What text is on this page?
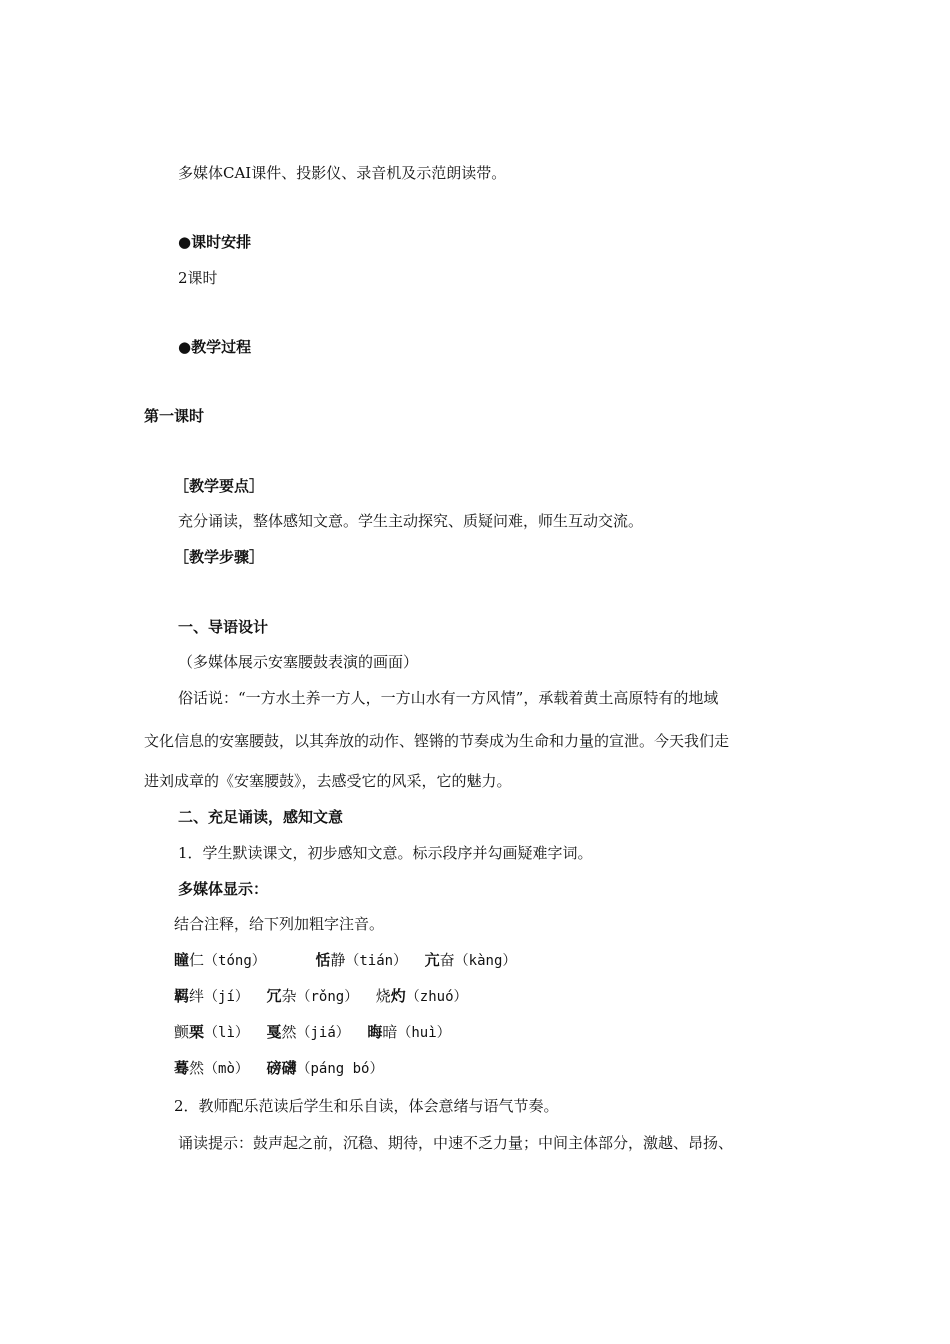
多媒体CAI课件、投影仪、录音机及示范朗读带。
●课时安排
2课时
●教学过程
第一课时
［教学要点］
充分诵读，整体感知文意。学生主动探究、质疑问难，师生互动交流。
［教学步骤］
一、导语设计
（多媒体展示安塞腰鼓表演的画面）
俗话说：“一方水土养一方人，一方山水有一方风情”，承载着黄土高原特有的地域
文化信息的安塞腰鼓，以其奔放的动作、铿锵的节奏成为生命和力量的宣泄。今天我们走
进刘成章的《安塞腰鼓》，去感受它的风采，它的魅力。
二、充足诵读，感知文意
1．学生默读课文，初步感知文意。标示段序并勾画疑难字词。
多媒体显示：
结合注释，给下列加粗字注音。
瞳仁（tóng）	恬静（tián） 亢奋（kàng）
羁绊（jí） 冗杂（rǒng） 烧灼（zhuó）
颤栗（lì） 戛然（jiá） 晦暗（huì）
蓦然（mò） 磅礴（páng bó）
2．教师配乐范读后学生和乐自读，体会意绪与语气节奏。
诵读提示：鼓声起之前，沉稳、期待，中速不乏力量；中间主体部分，激越、昂扬、
